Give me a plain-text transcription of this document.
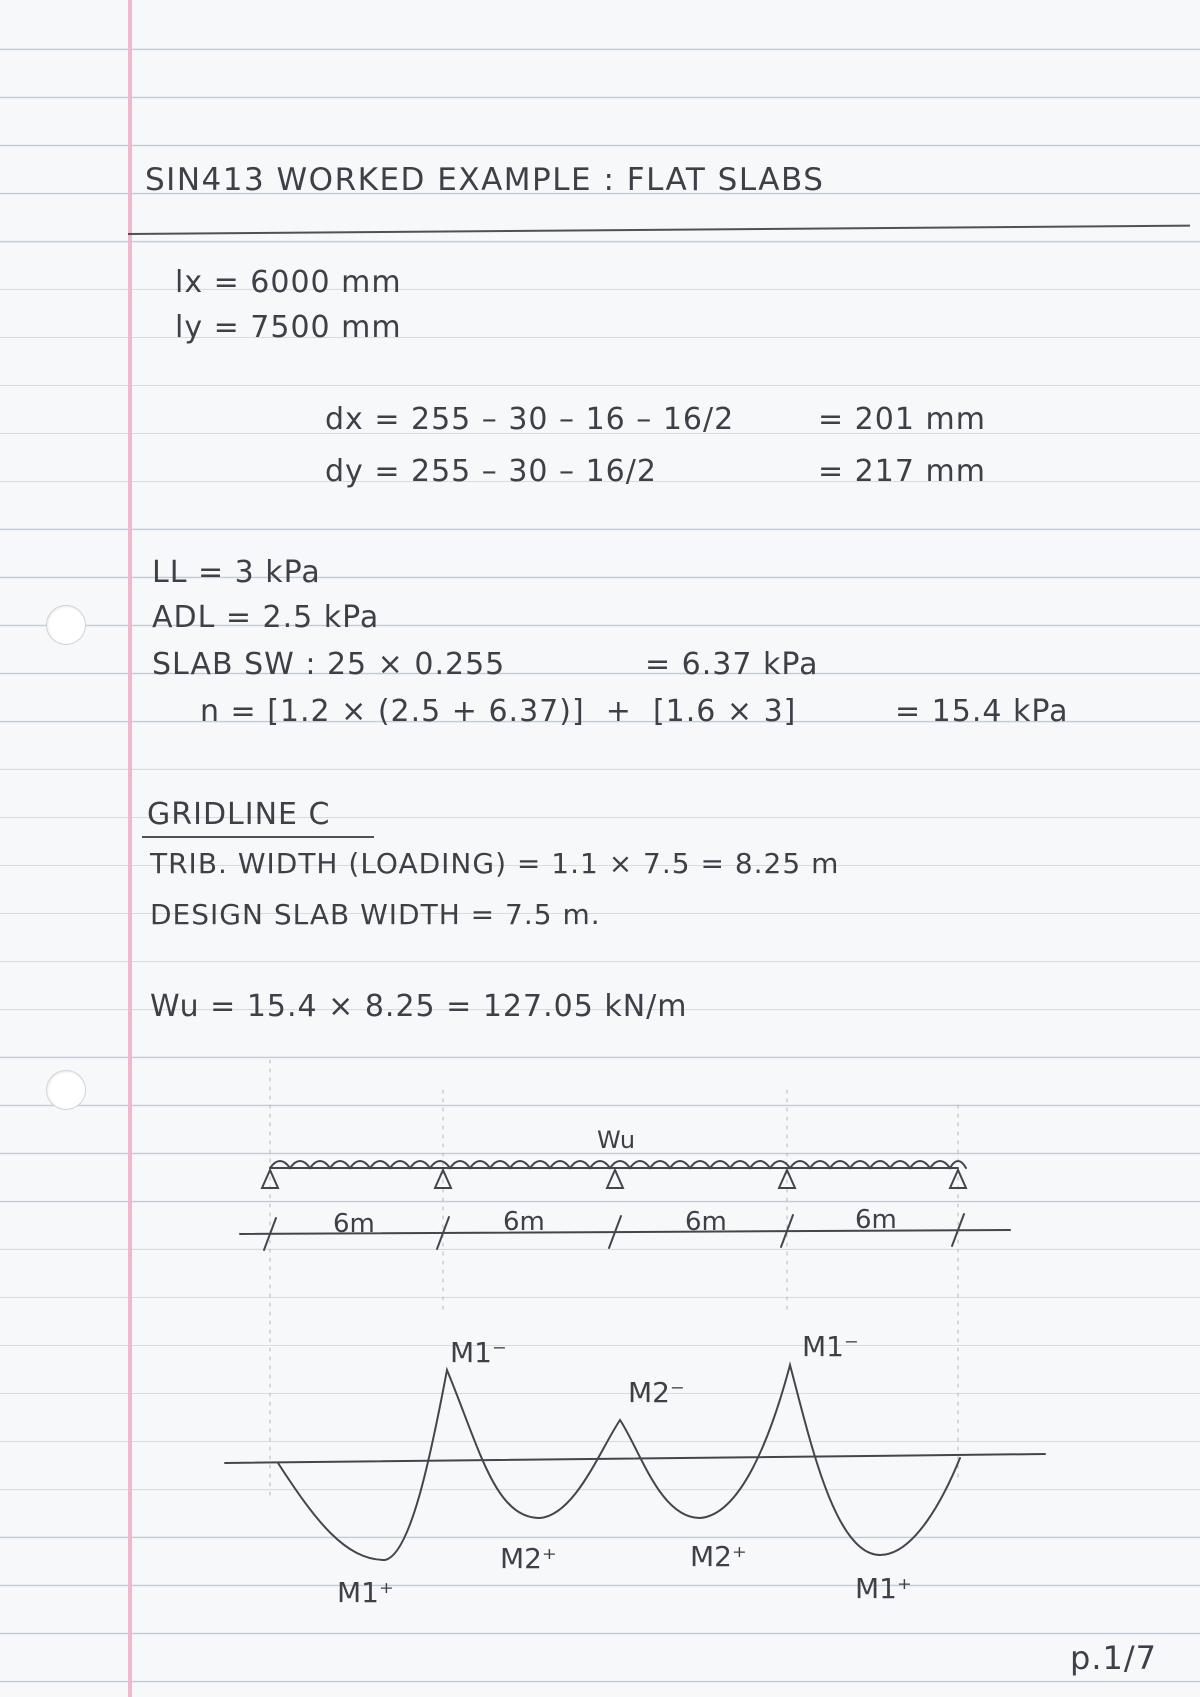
SIN413 WORKED EXAMPLE : FLAT SLABS
lx = 6000 mm
ly = 7500 mm
dx = 255 – 30 – 16 – 16/2	= 201 mm
dy = 255 – 30 – 16/2	= 217 mm
LL = 3 kPa
ADL = 2.5 kPa
SLAB SW : 25 × 0.255	= 6.37 kPa
n = [1.2 × (2.5 + 6.37)]  +  [1.6 × 3]	= 15.4 kPa
GRIDLINE C
TRIB. WIDTH (LOADING) = 1.1 × 7.5 = 8.25 m
DESIGN SLAB WIDTH = 7.5 m.
Wu = 15.4 × 8.25 = 127.05 kN/m
Wu
6m	6m	6m	6m
M1⁻
M2⁻
M1⁻
M1⁺
M2⁺	M2⁺
M1⁺
p.1/7
